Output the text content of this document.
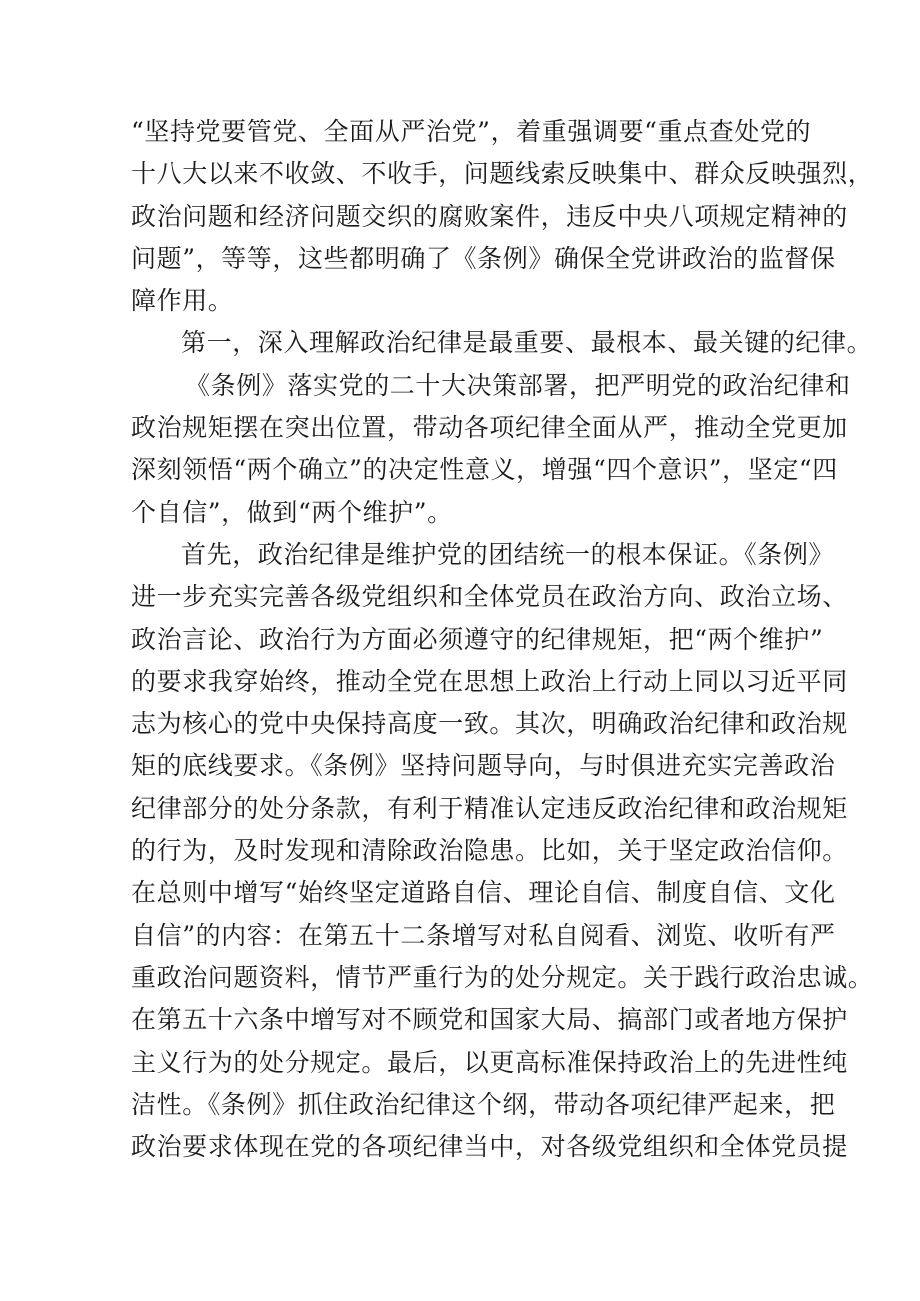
“坚持党要管党、全面从严治党”，着重强调要“重点查处党的
十八大以来不收敛、不收手，问题线索反映集中、群众反映强烈，
政治问题和经济问题交织的腐败案件，违反中央八项规定精神的
问题”，等等，这些都明确了《条例》确保全党讲政治的监督保
障作用。
第一，深入理解政治纪律是最重要、最根本、最关键的纪律。
《条例》落实党的二十大决策部署，把严明党的政治纪律和
政治规矩摆在突出位置，带动各项纪律全面从严，推动全党更加
深刻领悟“两个确立”的决定性意义，增强“四个意识”，坚定“四
个自信”，做到“两个维护”。
首先，政治纪律是维护党的团结统一的根本保证。《条例》
进一步充实完善各级党组织和全体党员在政治方向、政治立场、
政治言论、政治行为方面必须遵守的纪律规矩，把“两个维护”
的要求我穿始终，推动全党在思想上政治上行动上同以习近平同
志为核心的党中央保持高度一致。其次，明确政治纪律和政治规
矩的底线要求。《条例》坚持问题导向，与时俱进充实完善政治
纪律部分的处分条款，有利于精准认定违反政治纪律和政治规矩
的行为，及时发现和清除政治隐患。比如，关于坚定政治信仰。
在总则中增写“始终坚定道路自信、理论自信、制度自信、文化
自信”的内容：在第五十二条增写对私自阅看、浏览、收听有严
重政治问题资料，情节严重行为的处分规定。关于践行政治忠诚。
在第五十六条中增写对不顾党和国家大局、搞部门或者地方保护
主义行为的处分规定。最后，以更高标准保持政治上的先进性纯
洁性。《条例》抓住政治纪律这个纲，带动各项纪律严起来，把
政治要求体现在党的各项纪律当中，对各级党组织和全体党员提
